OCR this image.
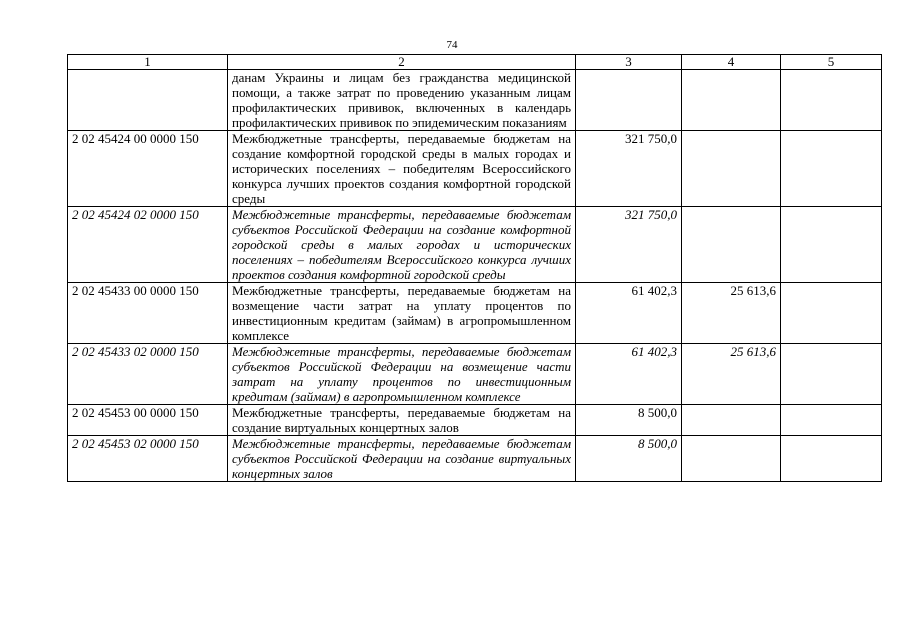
74
1	2	3	4	5
	данам Украины и лицам без гражданства медицинской помощи, а также затрат по проведению указанным лицам профилактических прививок, включенных в календарь профилактических прививок по эпидемическим показаниям			
2 02 45424 00 0000 150	Межбюджетные трансферты, передаваемые бюджетам на создание комфортной городской среды в малых городах и исторических поселениях – победителям Всероссийского конкурса лучших проектов создания комфортной городской среды	321 750,0		
2 02 45424 02 0000 150	Межбюджетные трансферты, передаваемые бюджетам субъектов Российской Федерации на создание комфортной городской среды в малых городах и исторических поселениях – победителям Всероссийского конкурса лучших проектов создания комфортной городской среды	321 750,0		
2 02 45433 00 0000 150	Межбюджетные трансферты, передаваемые бюджетам на возмещение части затрат на уплату процентов по инвестиционным кредитам (займам) в агропромышленном комплексе	61 402,3	25 613,6	
2 02 45433 02 0000 150	Межбюджетные трансферты, передаваемые бюджетам субъектов Российской Федерации на возмещение части затрат на уплату процентов по инвестиционным кредитам (займам) в агропромышленном комплексе	61 402,3	25 613,6	
2 02 45453 00 0000 150	Межбюджетные трансферты, передаваемые бюджетам на создание виртуальных концертных залов	8 500,0		
2 02 45453 02 0000 150	Межбюджетные трансферты, передаваемые бюджетам субъектов Российской Федерации на создание виртуальных концертных залов	8 500,0		
